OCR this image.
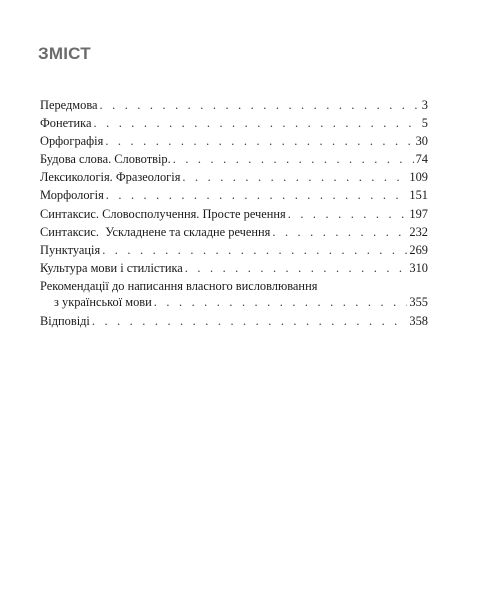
ЗМІСТ
Передмова . . .	3
Фонетика . . .	5
Орфографія . . .	30
Будова слова. Словотвір. . . .	74
Лексикологія. Фразеологія . . .	109
Морфологія . . .	151
Синтаксис. Словосполучення. Просте речення . . .	197
Синтаксис.  Ускладнене та складне речення . . .	232
Пунктуація . . .	269
Культура мови і стилістика . . .	310
Рекомендації до написання власного висловлювання
з української мови . . .	355
Відповіді . . .	358
